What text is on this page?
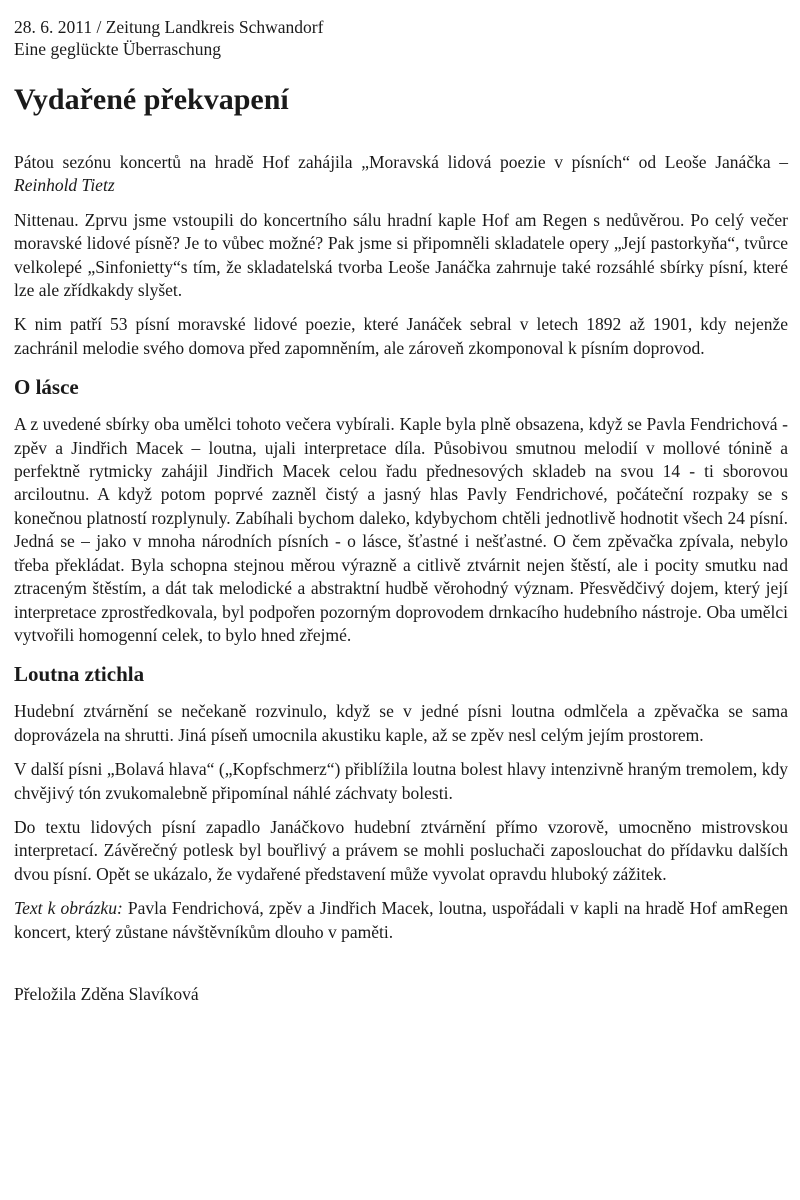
28. 6. 2011 / Zeitung Landkreis Schwandorf

Eine geglückte Überraschung

Vydařené překvapení

Pátou sezónu koncertů na hradě Hof zahájila „Moravská lidová poezie v písních“ od Leoše Janáčka – Reinhold Tietz

Nittenau. Zprvu jsme vstoupili do koncertního sálu hradní kaple Hof am Regen s nedůvěrou. Po celý večer moravské lidové písně? Je to vůbec možné? Pak jsme si připomněli skladatele opery „Její pastorkyňa“, tvůrce velkolepé „Sinfonietty“s tím, že skladatelská tvorba Leoše Janáčka zahrnuje také rozsáhlé sbírky písní, které lze ale zřídkakdy slyšet.

K nim patří 53 písní moravské lidové poezie, které Janáček sebral v letech 1892 až 1901, kdy nejenže zachránil melodie svého domova před zapomněním, ale zároveň zkomponoval k písním doprovod.

O lásce

A z uvedené sbírky oba umělci tohoto večera vybírali. Kaple byla plně obsazena, když se Pavla Fendrichová - zpěv a Jindřich Macek – loutna, ujali interpretace díla. Působivou smutnou melodií v mollové tónině a perfektně rytmicky zahájil Jindřich Macek celou řadu přednesových skladeb na svou 14 - ti sborovou arciloutnu. A když potom poprvé zazněl čistý a jasný hlas Pavly Fendrichové, počáteční rozpaky se s konečnou platností rozplynuly. Zabíhali bychom daleko, kdybychom chtěli jednotlivě hodnotit všech 24 písní. Jedná se – jako v mnoha národních písních - o lásce, šťastné i nešťastné. O čem zpěvačka zpívala, nebylo třeba překládat. Byla schopna stejnou měrou výrazně a citlivě ztvárnit nejen štěstí, ale i pocity smutku nad ztraceným štěstím, a dát tak melodické a abstraktní hudbě věrohodný význam. Přesvědčivý dojem, který její interpretace zprostředkovala, byl podpořen pozorným doprovodem drnkacího hudebního nástroje. Oba umělci vytvořili homogenní celek, to bylo hned zřejmé.

Loutna ztichla

Hudební ztvárnění se nečekaně rozvinulo, když se v jedné písni loutna odmlčela a zpěvačka se sama doprovázela na shrutti. Jiná píseň umocnila akustiku kaple, až se zpěv nesl celým jejím prostorem.

V další písni „Bolavá hlava“ („Kopfschmerz“) přiblížila loutna bolest hlavy intenzivně hraným tremolem, kdy chvějivý tón zvukomalebně připomínal náhlé záchvaty bolesti.

Do textu lidových písní zapadlo Janáčkovo hudební ztvárnění přímo vzorově, umocněno mistrovskou interpretací. Závěrečný potlesk byl bouřlivý a právem se mohli posluchači zaposlouchat do přídavku dalších dvou písní. Opět se ukázalo, že vydařené představení může vyvolat opravdu hluboký zážitek.

Text k obrázku: Pavla Fendrichová, zpěv a Jindřich Macek, loutna, uspořádali v kapli na hradě Hof amRegen koncert, který zůstane návštěvníkům dlouho v paměti.

Přeložila Zděna Slavíková
